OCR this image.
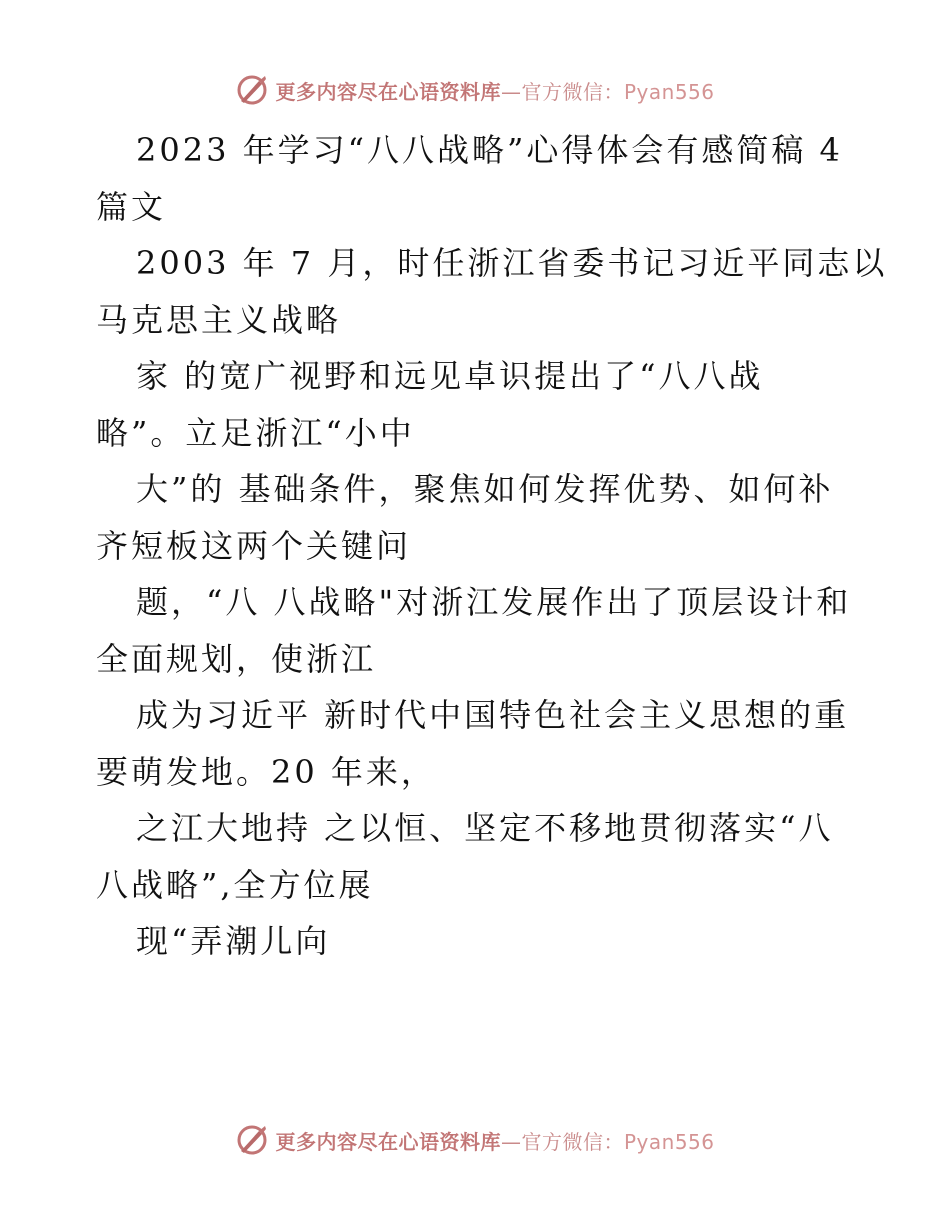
更多内容尽在心语资料库—官方微信：Pyan556
2023 年学习“八八战略”心得体会有感简稿 4
篇文
2003 年 7 月，时任浙江省委书记习近平同志以
马克思主义战略
家 的宽广视野和远见卓识提出了“八八战
略”。立足浙江“小中
大”的 基础条件，聚焦如何发挥优势、如何补
齐短板这两个关键问
题，“八 八战略"对浙江发展作出了顶层设计和
全面规划，使浙江
成为习近平 新时代中国特色社会主义思想的重
要萌发地。20 年来，
之江大地持 之以恒、坚定不移地贯彻落实“八
八战略”,全方位展
现“弄潮儿向
更多内容尽在心语资料库—官方微信：Pyan556
